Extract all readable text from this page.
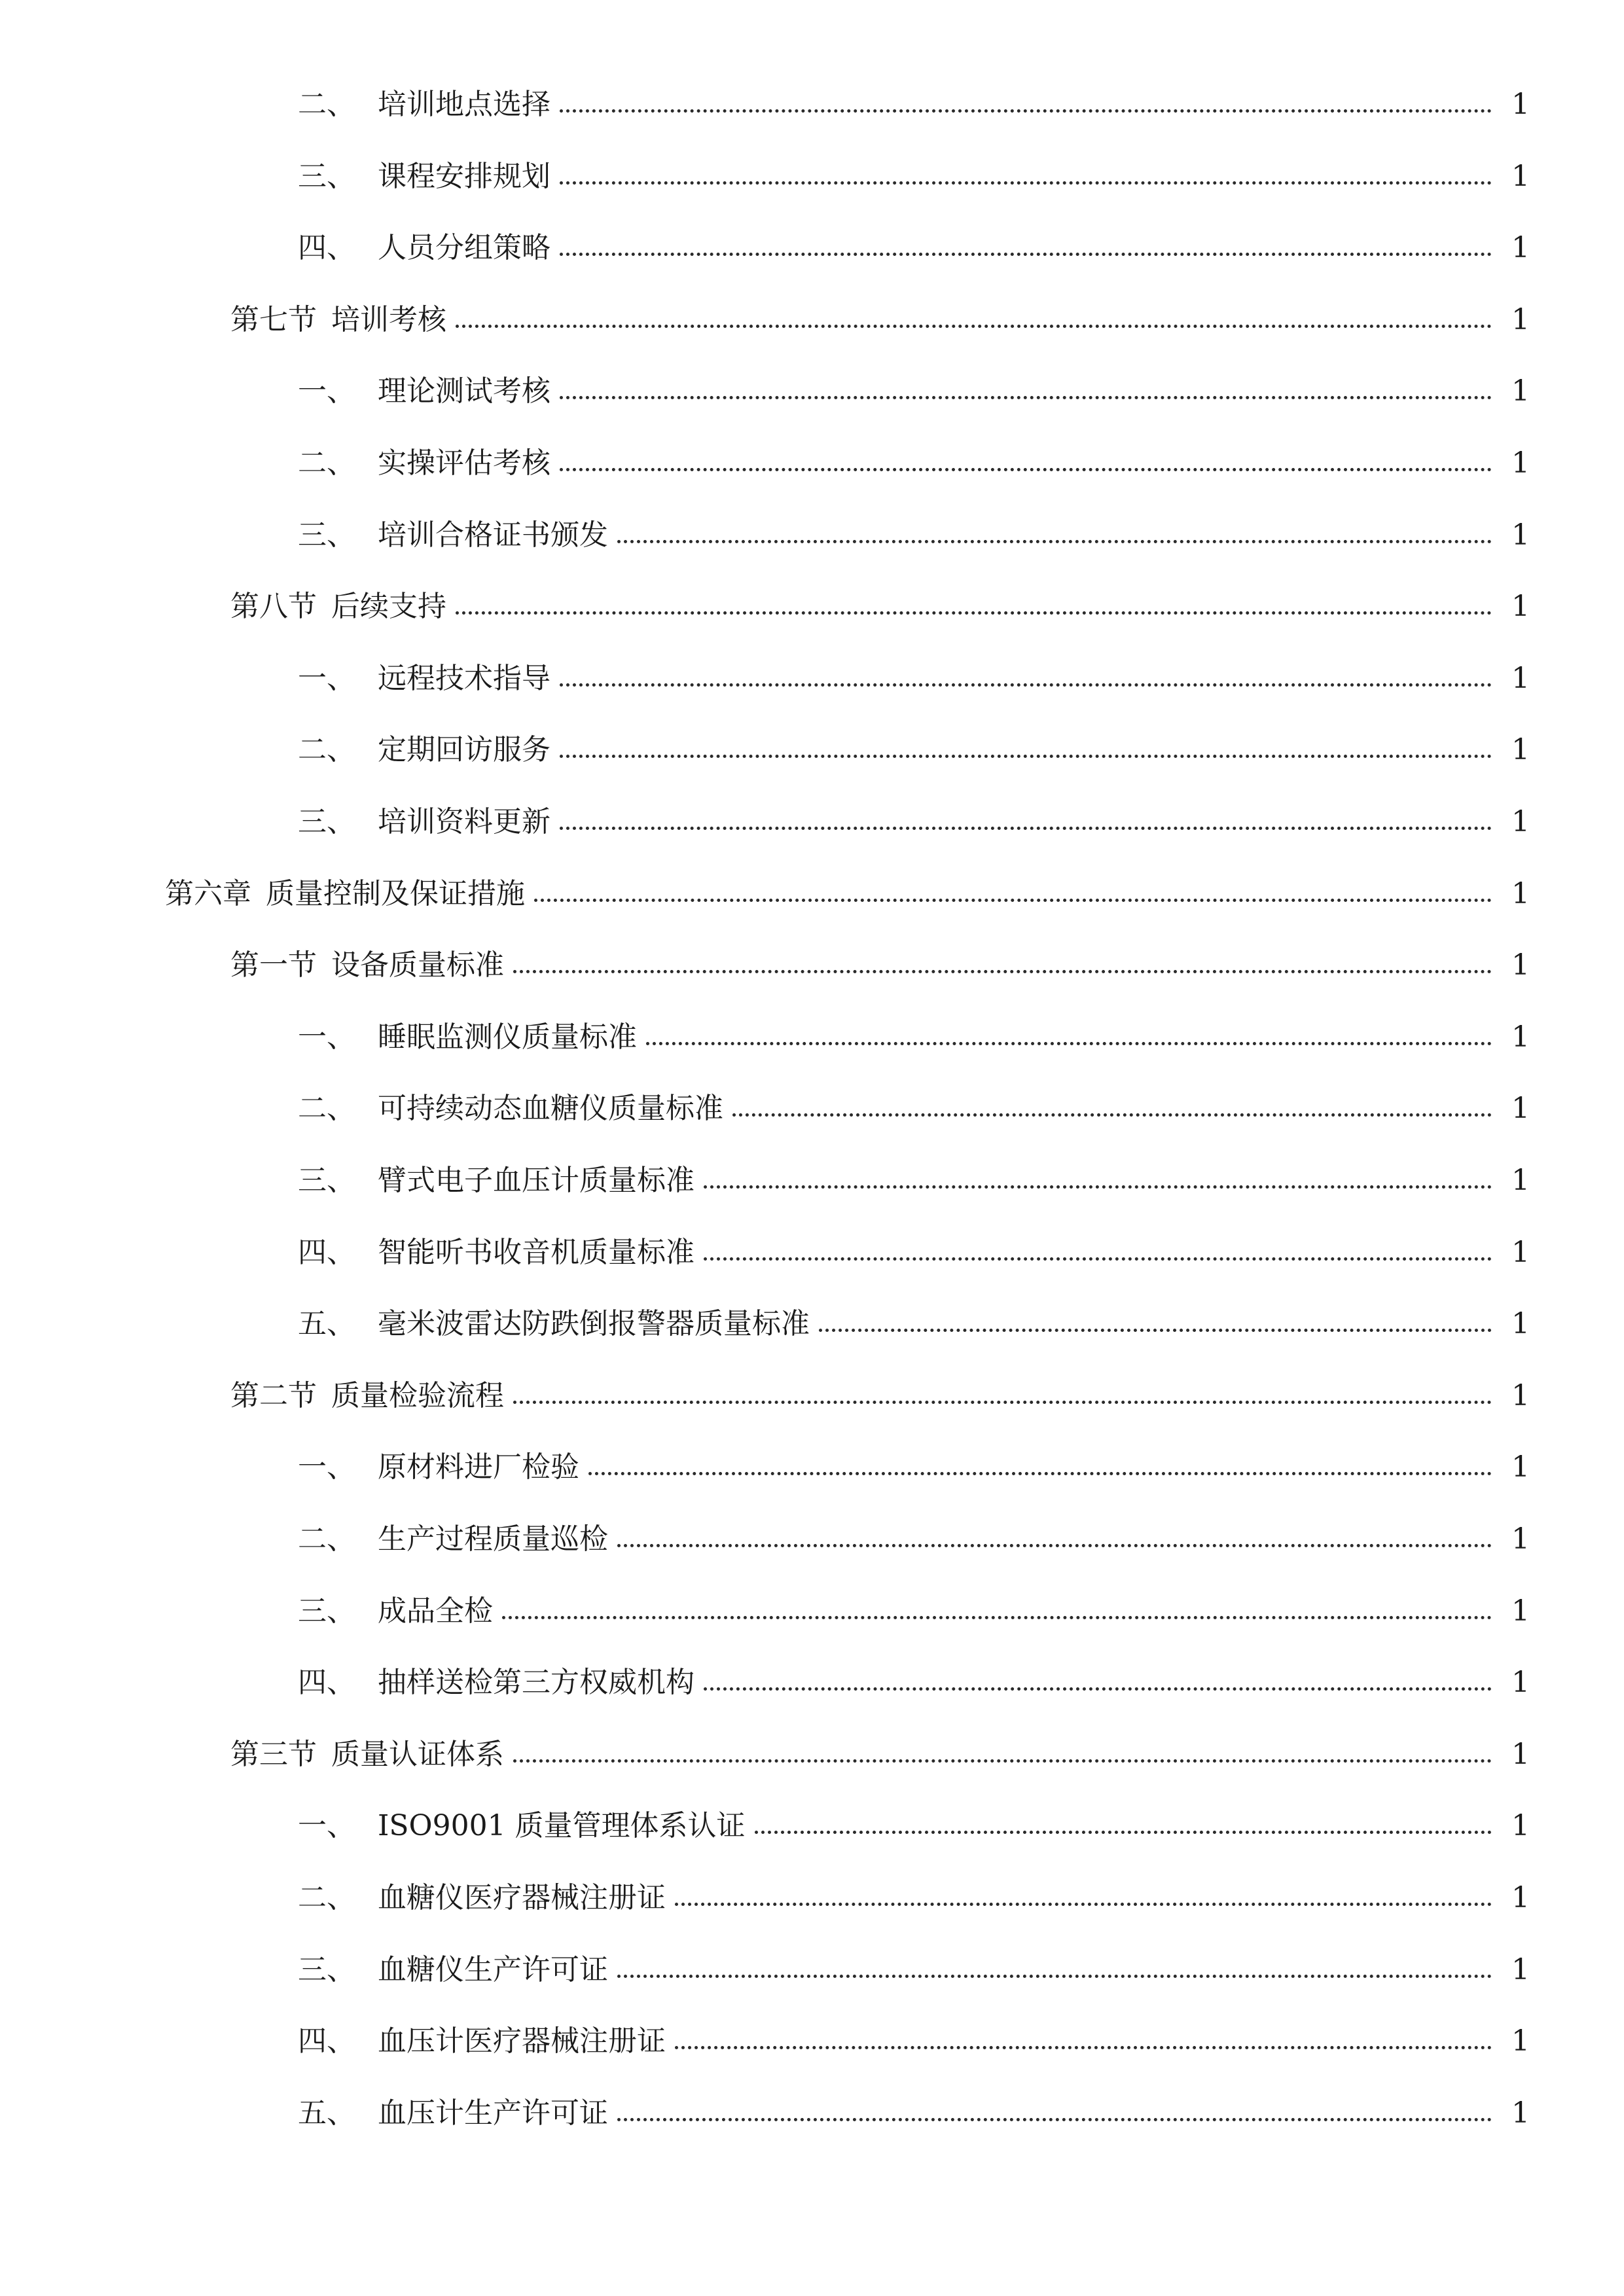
二、 培训地点选择	1
三、 课程安排规划	1
四、 人员分组策略	1
第七节 培训考核	1
一、 理论测试考核	1
二、 实操评估考核	1
三、 培训合格证书颁发	1
第八节 后续支持	1
一、 远程技术指导	1
二、 定期回访服务	1
三、 培训资料更新	1
第六章 质量控制及保证措施	1
第一节 设备质量标准	1
一、 睡眠监测仪质量标准	1
二、 可持续动态血糖仪质量标准	1
三、 臂式电子血压计质量标准	1
四、 智能听书收音机质量标准	1
五、 毫米波雷达防跌倒报警器质量标准	1
第二节 质量检验流程	1
一、 原材料进厂检验	1
二、 生产过程质量巡检	1
三、 成品全检	1
四、 抽样送检第三方权威机构	1
第三节 质量认证体系	1
一、 ISO9001 质量管理体系认证	1
二、 血糖仪医疗器械注册证	1
三、 血糖仪生产许可证	1
四、 血压计医疗器械注册证	1
五、 血压计生产许可证	1
